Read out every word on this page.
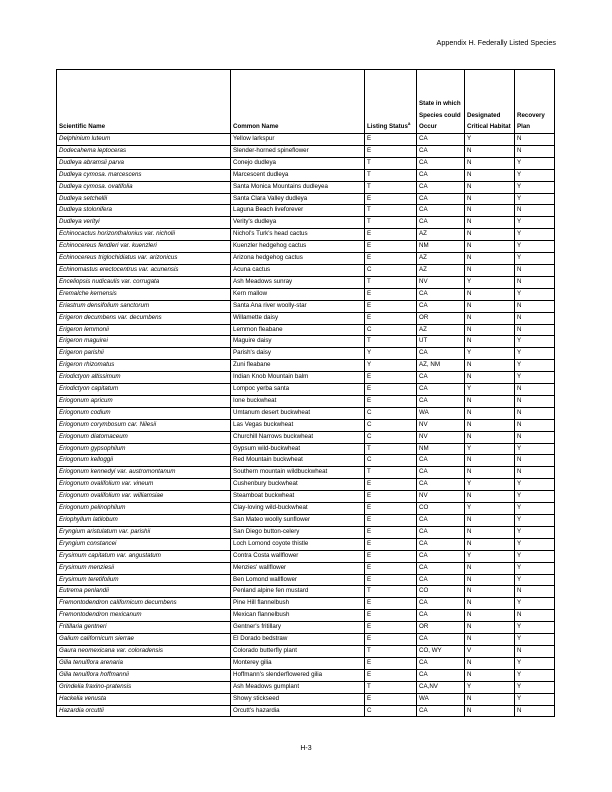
Appendix H. Federally Listed Species
Scientific Name	Common Name	Listing Status$^a$	State in which Species could Occur	Designated Critical Habitat	Recovery Plan
Delphinium luteum	Yellow larkspur	E	CA	Y	N
Dodecahema leptoceras	Slender-horned spineflower	E	CA	N	N
Dudleya abramsii parva	Conejo dudleya	T	CA	N	Y
Dudleya cymosa. marcescens	Marcescent dudleya	T	CA	N	Y
Dudleya cymosa. ovatifolia	Santa Monica Mountains dudleyea	T	CA	N	Y
Dudleya setchellii	Santa Clara Valley dudleya	E	CA	N	Y
Dudleya stolonifera	Laguna Beach liveforever	T	CA	N	N
Dudleya verityi	Verity's dudleya	T	CA	N	Y
Echinocactus horizonthalonius var. nicholii	Nichol's Turk's head cactus	E	AZ	N	Y
Echinocereus fendleri var. kuenzleri	Kuenzler hedgehog cactus	E	NM	N	Y
Echinocereus triglochidiatus var. arizonicus	Arizona hedgehog cactus	E	AZ	N	Y
Echinomastus erectocentrus var. acunensis	Acuna cactus	C	AZ	N	N
Enceliopsis nudicaulis var. corrugata	Ash Meadows sunray	T	NV	Y	N
Eremalche kernensis	Kern mallow	E	CA	N	Y
Eriastrum densifolium sanctorum	Santa Ana river woolly-star	E	CA	N	N
Erigeron decumbens var. decumbens	Willamette daisy	E	OR	N	N
Erigeron lemmonii	Lemmon fleabane	C	AZ	N	N
Erigeron maguirei	Maguire daisy	T	UT	N	Y
Erigeron parishii	Parish's daisy	Y	CA	Y	Y
Erigeron rhizomatus	Zuni fleabane	Y	AZ, NM	N	Y
Eriodictyon altissimum	Indian Knob Mountain balm	E	CA	N	Y
Eriodictyon capitatum	Lompoc yerba santa	E	CA	Y	N
Eriogonum apricum	Ione buckwheat	E	CA	N	N
Eriogonum codium	Umtanum desert buckwheat	C	WA	N	N
Eriogonum corymbosum car. Nilesii	Las Vegas buckwheat	C	NV	N	N
Eriogonum diatomaceum	Churchill Narrows buckwheat	C	NV	N	N
Eriogonum gypsophilum	Gypsum wild-buckwheat	T	NM	Y	Y
Eriogonum kelloggii	Red Mountain buckwheat	C	CA	N	N
Eriogonum kennedyi var. austromontanum	Southern mountain wildbuckwheat	T	CA	N	N
Eriogonum ovalifolium var. vineum	Cushenbury buckwheat	E	CA	Y	Y
Eriogonum ovalifolium var. williamsiae	Steamboat buckwheat	E	NV	N	Y
Eriogonum pelinophilum	Clay-loving wild-buckwheat	E	CO	Y	Y
Eriophyllum latilobum	San Mateo woolly sunflower	E	CA	N	Y
Eryngium aristulatum var. parishii	San Diego button-celery	E	CA	N	Y
Eryngium constancei	Loch Lomond coyote thistle	E	CA	N	Y
Erysimum capitatum var. angustatum	Contra Costa wallflower	E	CA	Y	Y
Erysimum menziesii	Menzies' wallflower	E	CA	N	Y
Erysimum teretifolium	Ben Lomond wallflower	E	CA	N	Y
Eutrema penlandii	Penland alpine fen mustard	T	CO	N	N
Fremontodendron californicum decumbens	Pine Hill flannelbush	E	CA	N	Y
Fremontodendron mexicanum	Mexican flannelbush	E	CA	N	N
Fritillaria gentneri	Gentner's fritillary	E	OR	N	Y
Galium californicum sierrae	El Dorado bedstraw	E	CA	N	Y
Gaura neomexicana var. coloradensis	Colorado butterfly plant	T	CO, WY	V	N
Gilia tenuiflora arenaria	Monterey gilia	E	CA	N	Y
Gilia tenuiflora hoffmannii	Hoffmann's slenderflowered gilia	E	CA	N	Y
Grindelia fraxino-pratensis	Ash Meadows gumplant	T	CA,NV	Y	Y
Hackelia venusta	Showy stickseed	E	WA	N	Y
Hazardia orcuttii	Orcutt's hazardia	C	CA	N	N
H-3
